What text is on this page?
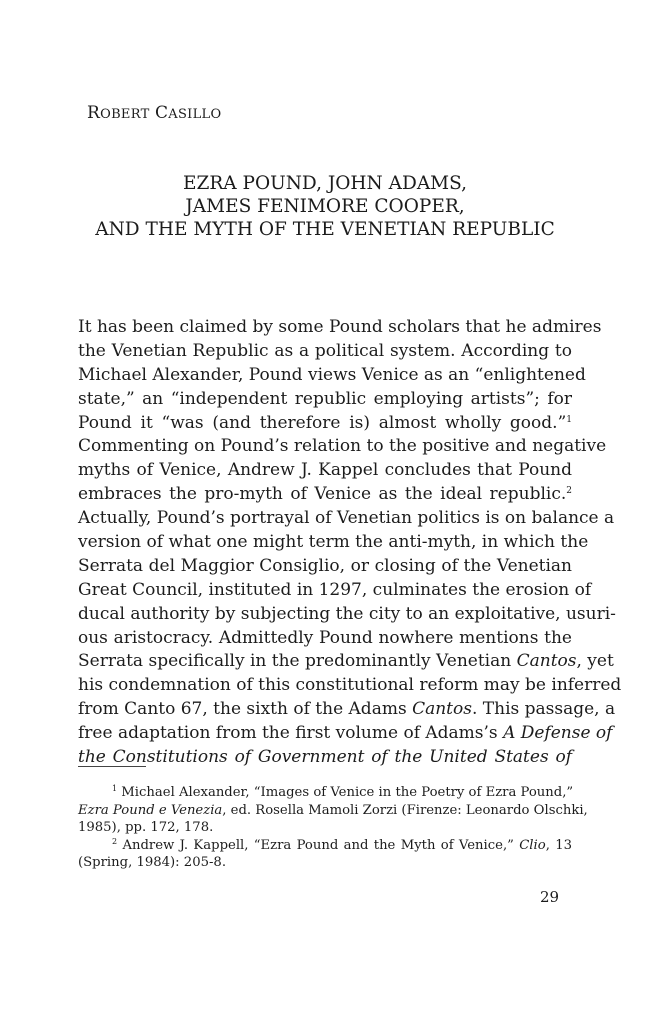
ROBERT CASILLO
EZRA POUND, JOHN ADAMS,
JAMES FENIMORE COOPER,
AND THE MYTH OF THE VENETIAN REPUBLIC
It has been claimed by some Pound scholars that he admires
the Venetian Republic as a political system. According to
Michael Alexander, Pound views Venice as an “enlightened
state,” an “independent republic employing artists”; for
Pound it “was (and therefore is) almost wholly good.”$^1$
Commenting on Pound’s relation to the positive and negative
myths of Venice, Andrew J. Kappel concludes that Pound
embraces the pro-myth of Venice as the ideal republic.$^2$
Actually, Pound’s portrayal of Venetian politics is on balance a
version of what one might term the anti-myth, in which the
Serrata del Maggior Consiglio, or closing of the Venetian
Great Council, instituted in 1297, culminates the erosion of
ducal authority by subjecting the city to an exploitative, usuri-
ous aristocracy. Admittedly Pound nowhere mentions the
Serrata specifically in the predominantly Venetian Cantos, yet
his condemnation of this constitutional reform may be inferred
from Canto 67, the sixth of the Adams Cantos. This passage, a
free adaptation from the first volume of Adams’s A Defense of
the Constitutions of Government of the United States of
$^1$ Michael Alexander, “Images of Venice in the Poetry of Ezra Pound,”
Ezra Pound e Venezia, ed. Rosella Mamoli Zorzi (Firenze: Leonardo Olschki,
1985), pp. 172, 178.
$^2$ Andrew J. Kappell, “Ezra Pound and the Myth of Venice,” Clio, 13
(Spring, 1984): 205-8.
29
